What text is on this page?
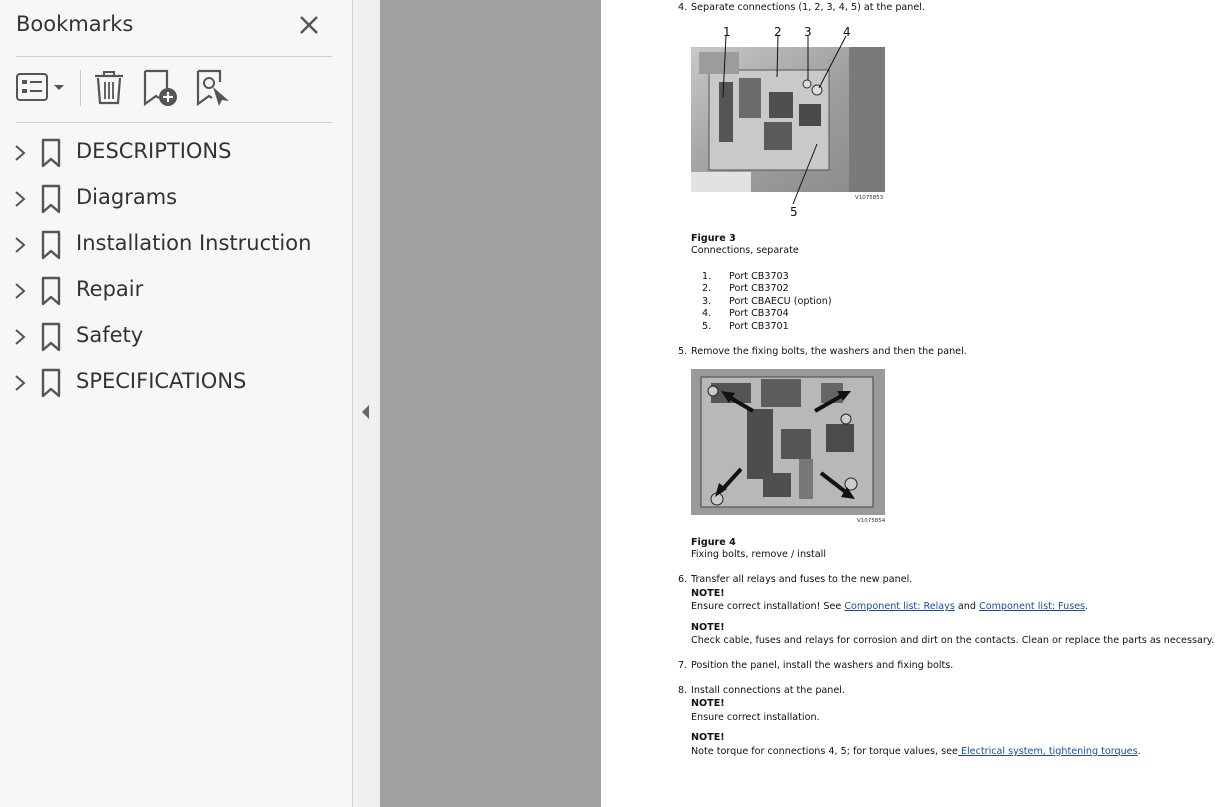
Bookmarks
DESCRIPTIONS
Diagrams
Installation Instruction
Repair
Safety
SPECIFICATIONS
4. Separate connections (1, 2, 3, 4, 5) at the panel.
1	2 3	4
5
V1075853
Figure 3
Connections, separate
1. Port CB3703
2. Port CB3702
3. Port CBAECU (option)
4. Port CB3704
5. Port CB3701
5. Remove the fixing bolts, the washers and then the panel.
V1075854
Figure 4
Fixing bolts, remove / install
6. Transfer all relays and fuses to the new panel.
NOTE!
Ensure correct installation! See Component list: Relays and Component list: Fuses.
NOTE!
Check cable, fuses and relays for corrosion and dirt on the contacts. Clean or replace the parts as necessary.
7. Position the panel, install the washers and fixing bolts.
8. Install connections at the panel.
NOTE!
Ensure correct installation.
NOTE!
Note torque for connections 4, 5; for torque values, see Electrical system, tightening torques.
